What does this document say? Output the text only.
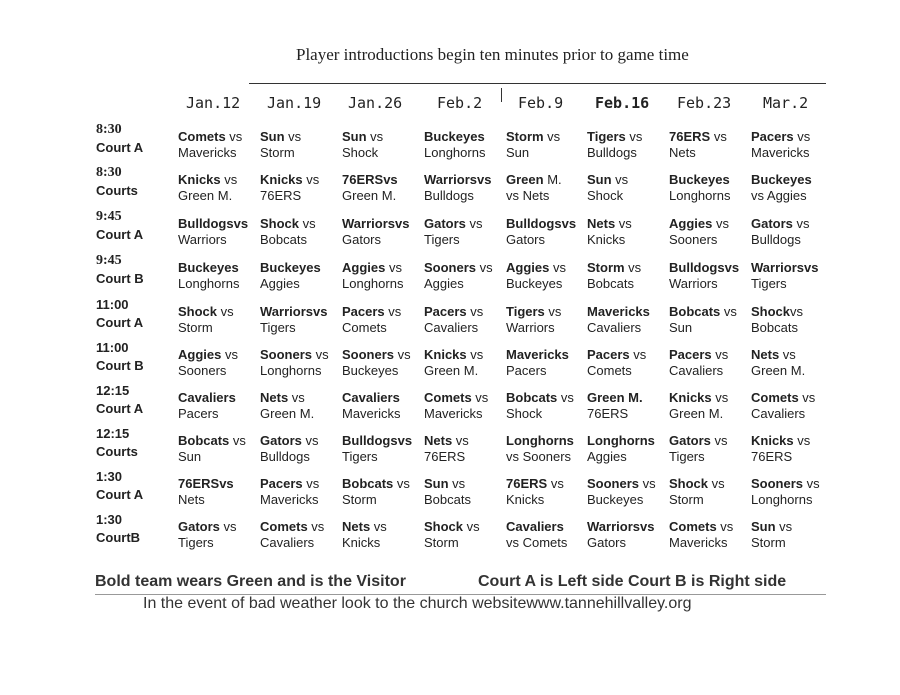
Player introductions begin ten minutes prior to game time
Jan.12 Jan.19 Jan.26 Feb.2 Feb.9 Feb.16 Feb.23 Mar.2
8:30
Court A
Comets vs
Mavericks
Sun vs
Storm
Sun vs
Shock
Buckeyes
Longhorns
Storm vs
Sun
Tigers vs
Bulldogs
76ERS vs
Nets
Pacers vs
Mavericks
8:30
Courts
Knicks vs
Green M.
Knicks vs
76ERS
76ERSvs
Green M.
Warriorsvs
Bulldogs
Green M.
vs Nets
Sun vs
Shock
Buckeyes
Longhorns
Buckeyes
vs Aggies
9:45
Court A
Bulldogsvs
Warriors
Shock vs
Bobcats
Warriorsvs
Gators
Gators vs
Tigers
Bulldogsvs
Gators
Nets vs
Knicks
Aggies vs
Sooners
Gators vs
Bulldogs
9:45
Court B
Buckeyes
Longhorns
Buckeyes
Aggies
Aggies vs
Longhorns
Sooners vs
Aggies
Aggies vs
Buckeyes
Storm vs
Bobcats
Bulldogsvs
Warriors
Warriorsvs
Tigers
11:00
Court A
Shock vs
Storm
Warriorsvs
Tigers
Pacers vs
Comets
Pacers vs
Cavaliers
Tigers vs
Warriors
Mavericks
Cavaliers
Bobcats vs
Sun
Shockvs
Bobcats
11:00
Court B
Aggies vs
Sooners
Sooners vs
Longhorns
Sooners vs
Buckeyes
Knicks vs
Green M.
Mavericks
Pacers
Pacers vs
Comets
Pacers vs
Cavaliers
Nets vs
Green M.
12:15
Court A
Cavaliers
Pacers
Nets vs
Green M.
Cavaliers
Mavericks
Comets vs
Mavericks
Bobcats vs
Shock
Green M.
76ERS
Knicks vs
Green M.
Comets vs
Cavaliers
12:15
Courts
Bobcats vs
Sun
Gators vs
Bulldogs
Bulldogsvs
Tigers
Nets vs
76ERS
Longhorns
vs Sooners
Longhorns
Aggies
Gators vs
Tigers
Knicks vs
76ERS
1:30
Court A
76ERSvs
Nets
Pacers vs
Mavericks
Bobcats vs
Storm
Sun vs
Bobcats
76ERS vs
Knicks
Sooners vs
Buckeyes
Shock vs
Storm
Sooners vs
Longhorns
1:30
CourtB
Gators vs
Tigers
Comets vs
Cavaliers
Nets vs
Knicks
Shock vs
Storm
Cavaliers
vs Comets
Warriorsvs
Gators
Comets vs
Mavericks
Sun vs
Storm
Bold team wears Green and is the Visitor	Court A is Left side Court B is Right side
In the event of bad weather look to the church websitewww.tannehillvalley.org
